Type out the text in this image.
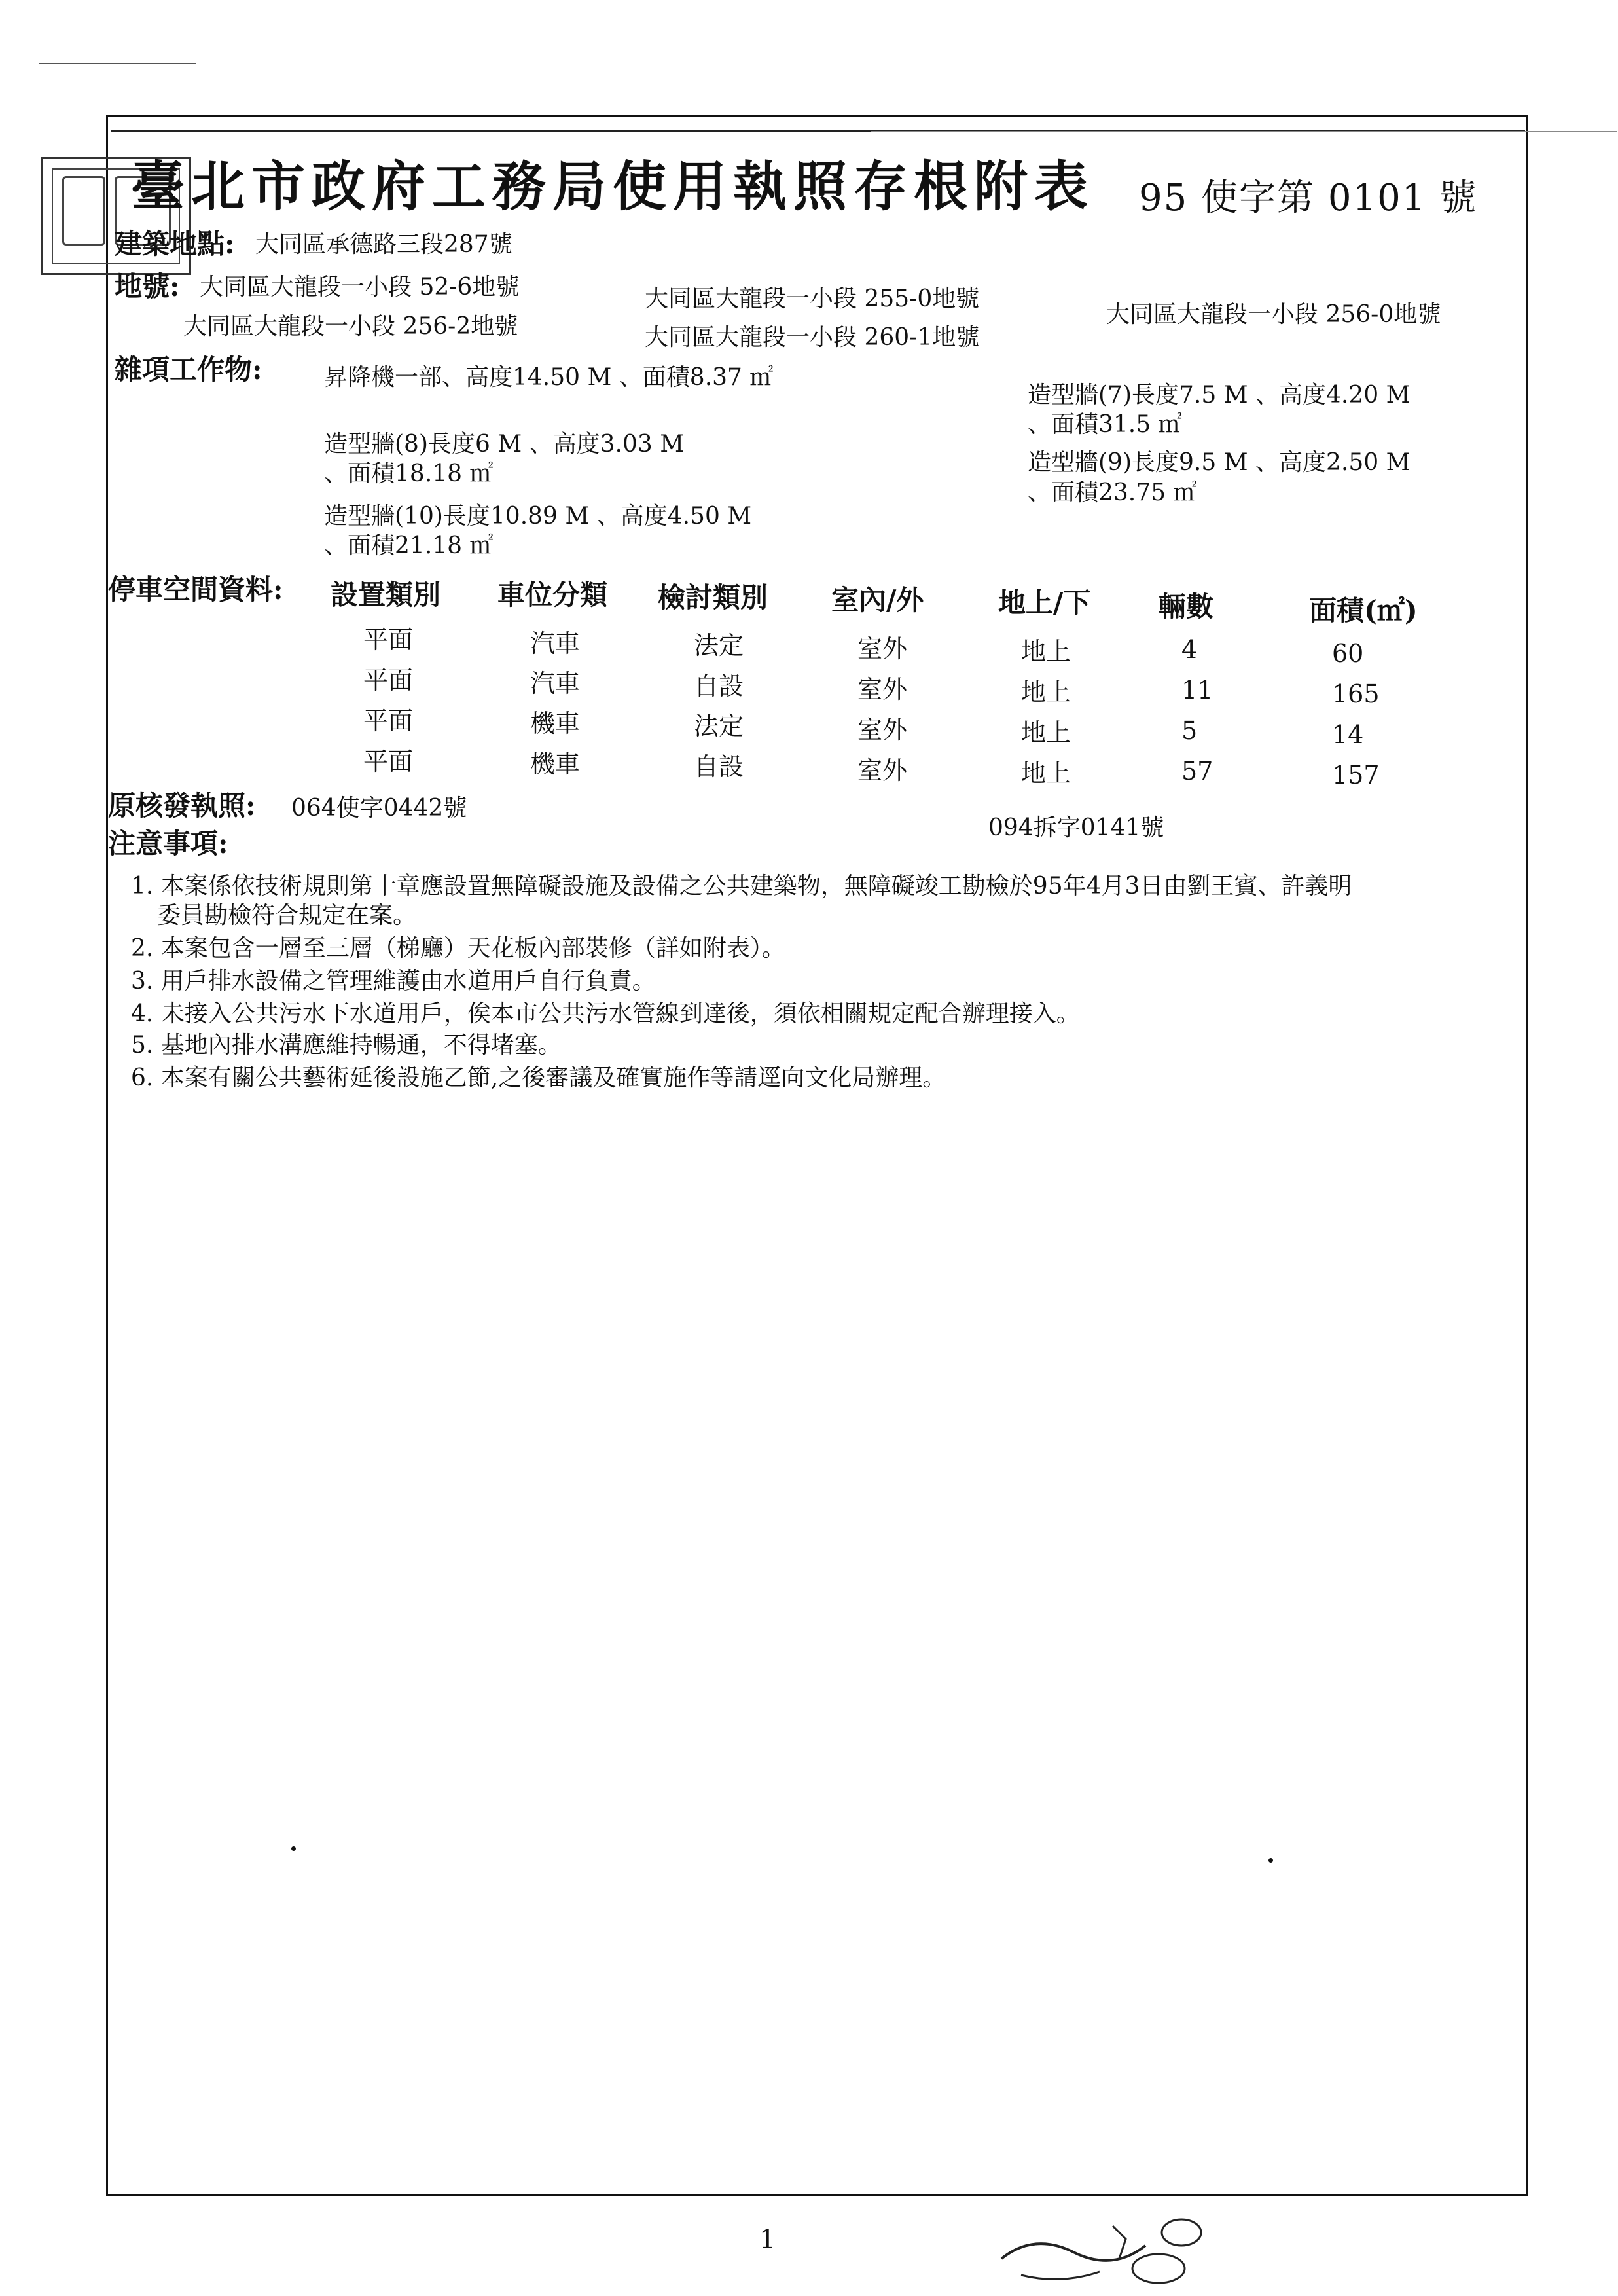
臺北市政府工務局使用執照存根附表 95 使字第 0101 號
建築地點: 大同區承德路三段287號
地號: 大同區大龍段一小段 52-6地號	大同區大龍段一小段 255-0地號
大同區大龍段一小段 256-0地號
大同區大龍段一小段 256-2地號	大同區大龍段一小段 260-1地號
雜項工作物:	昇降機一部、高度14.50 M 、面積8.37 ㎡
造型牆(7)長度7.5 M 、高度4.20 M
、面積31.5 ㎡
造型牆(8)長度6 M 、高度3.03 M
造型牆(9)長度9.5 M 、高度2.50 M
、面積18.18 ㎡
、面積23.75 ㎡
造型牆(10)長度10.89 M 、高度4.50 M
、面積21.18 ㎡
停車空間資料: 設置類別 車位分類 檢討類別 室內/外	地上/下 輛數	面積(㎡)
平面	汽車	法定	室外	地上	4	60
平面	汽車	自設	室外	地上	11	165
平面	機車	法定	室外	地上	5	14
平面	機車	自設	室外	地上	57	157
原核發執照: 064使字0442號
094拆字0141號
注意事項:
1. 本案係依技術規則第十章應設置無障礙設施及設備之公共建築物，無障礙竣工勘檢於95年4月3日由劉王賓、許義明
委員勘檢符合規定在案。
2. 本案包含一層至三層（梯廳）天花板內部裝修（詳如附表）。
3. 用戶排水設備之管理維護由水道用戶自行負責。
4. 未接入公共污水下水道用戶，俟本市公共污水管線到達後，須依相關規定配合辦理接入。
5. 基地內排水溝應維持暢通，不得堵塞。
6. 本案有關公共藝術延後設施乙節,之後審議及確實施作等請逕向文化局辦理。
1
